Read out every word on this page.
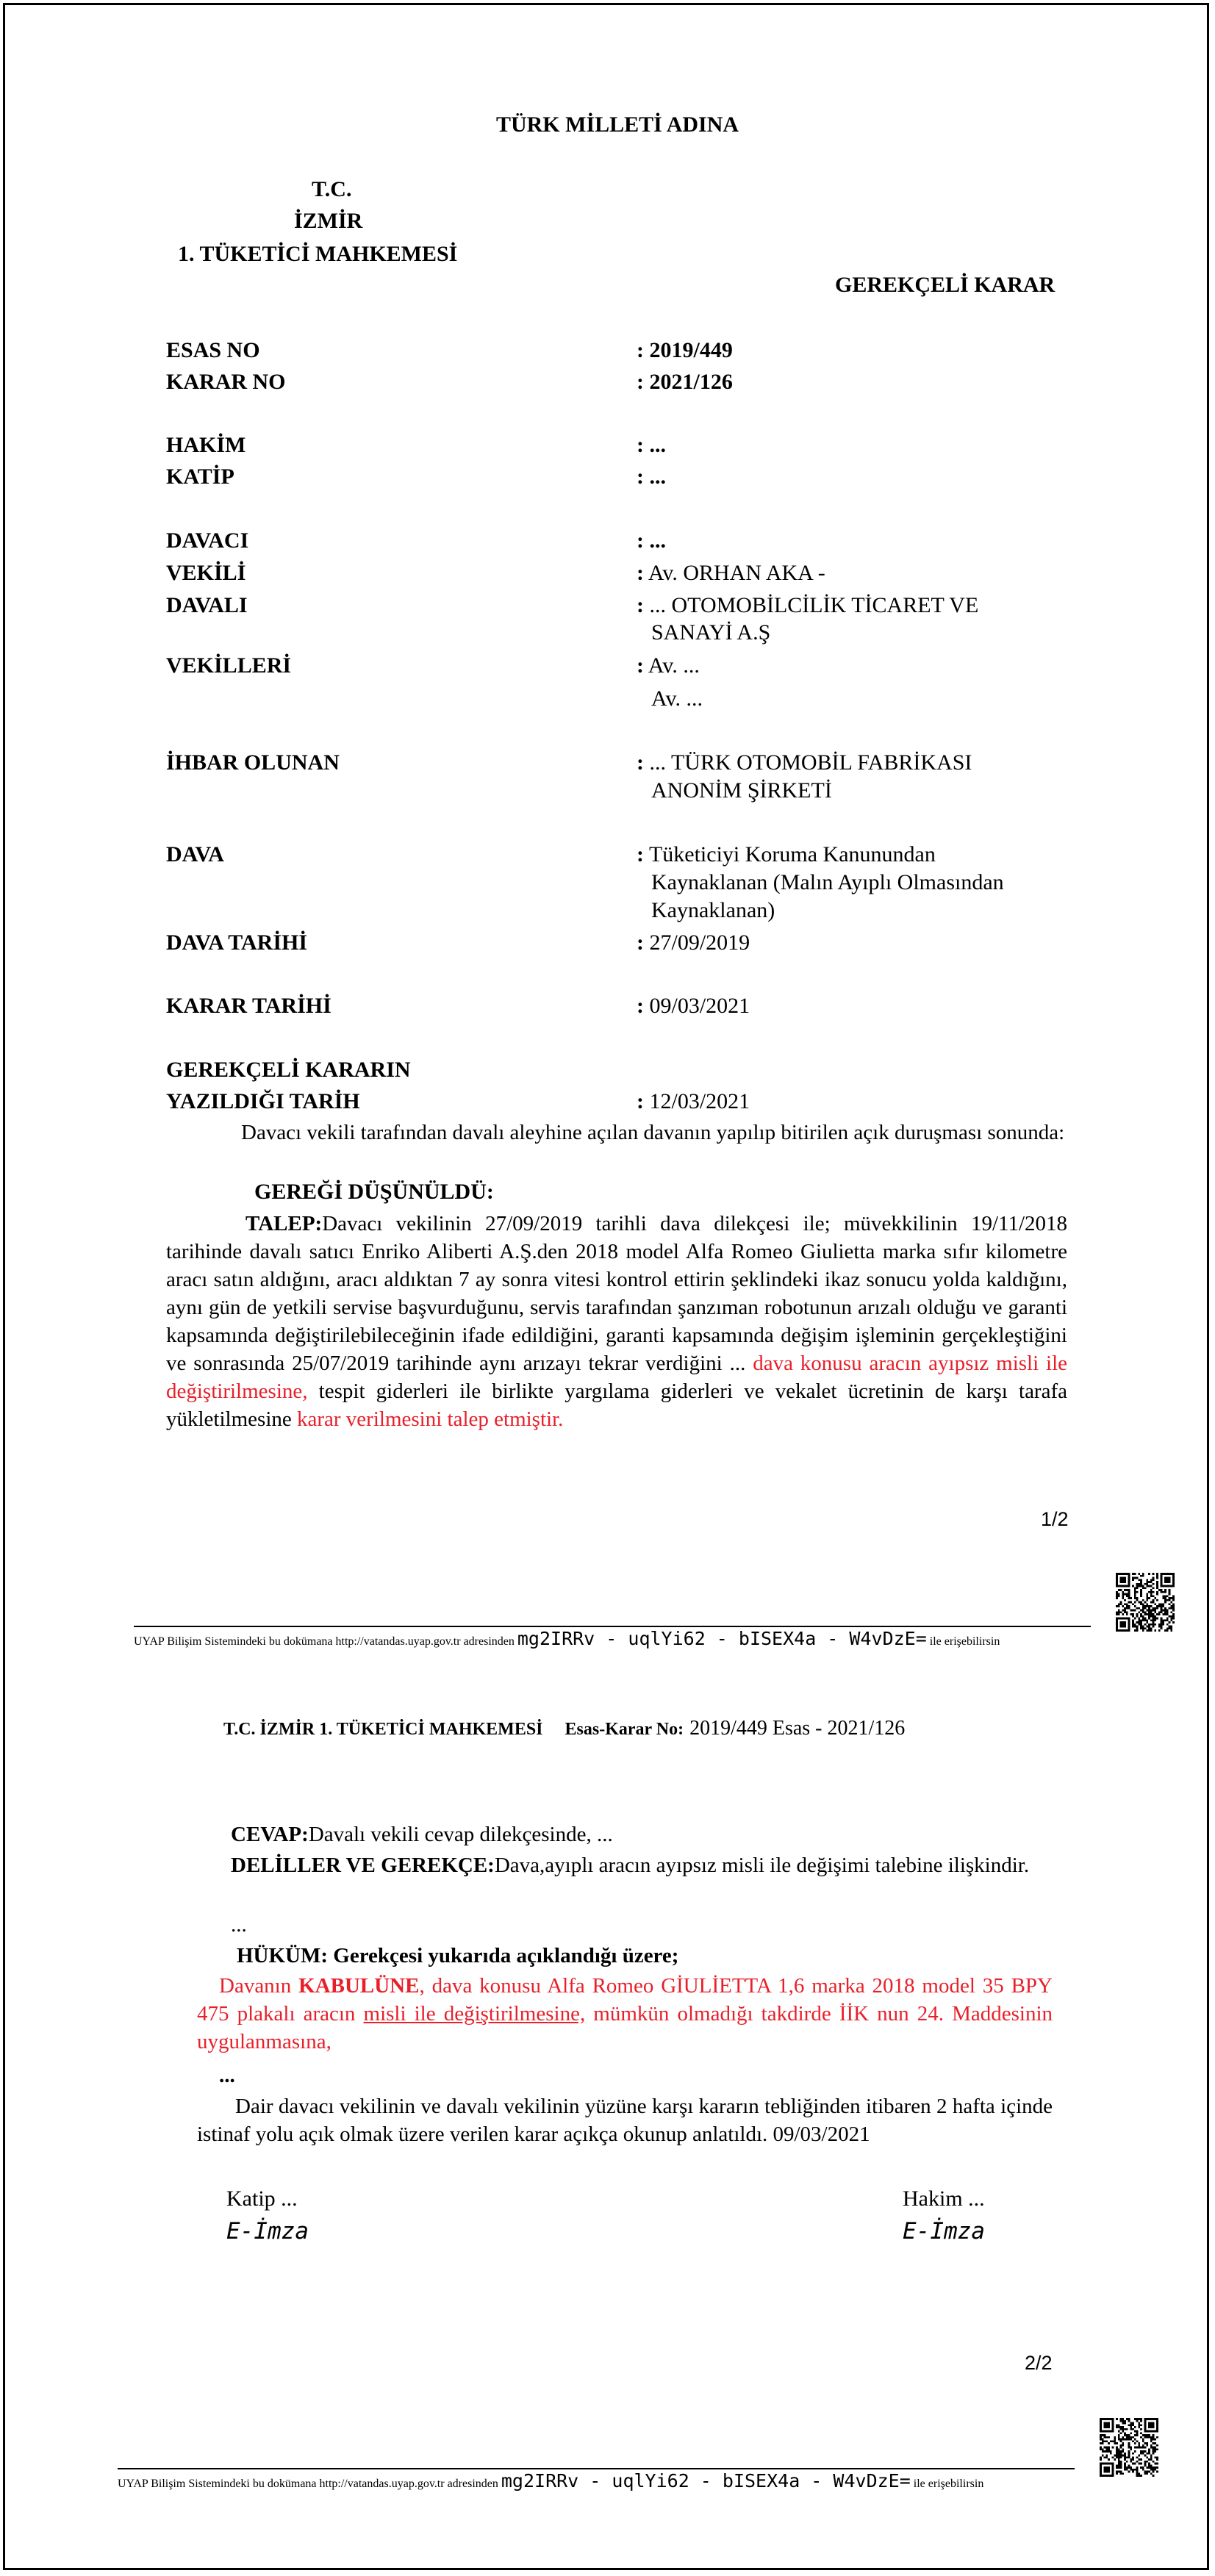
TÜRK MİLLETİ ADINA
T.C.
İZMİR
1. TÜKETİCİ MAHKEMESİ
GEREKÇELİ KARAR
ESAS NO	: 2019/449
KARAR NO	: 2021/126
HAKİM	: ...
KATİP	: ...
DAVACI	: ...
VEKİLİ	: Av. ORHAN AKA -
DAVALI	: ... OTOMOBİLCİLİK TİCARET VE
SANAYİ A.Ş
VEKİLLERİ	: Av. ...
Av. ...
İHBAR OLUNAN	: ... TÜRK OTOMOBİL FABRİKASI
ANONİM ŞİRKETİ
DAVA	: Tüketiciyi Koruma Kanunundan
Kaynaklanan (Malın Ayıplı Olmasından
Kaynaklanan)
DAVA TARİHİ	: 27/09/2019
KARAR TARİHİ	: 09/03/2021
GEREKÇELİ KARARIN
YAZILDIĞI TARİH	: 12/03/2021
Davacı vekili tarafından davalı aleyhine açılan davanın yapılıp bitirilen açık duruşması sonunda:
GEREĞİ DÜŞÜNÜLDÜ:
TALEP:Davacı vekilinin 27/09/2019 tarihli dava dilekçesi ile; müvekkilinin 19/11/2018 tarihinde davalı satıcı Enriko Aliberti A.Ş.den 2018 model Alfa Romeo Giulietta marka sıfır kilometre aracı satın aldığını, aracı aldıktan 7 ay sonra vitesi kontrol ettirin şeklindeki ikaz sonucu yolda kaldığını, aynı gün de yetkili servise başvurduğunu, servis tarafından şanzıman robotunun arızalı olduğu ve garanti kapsamında değiştirilebileceğinin ifade edildiğini, garanti kapsamında değişim işleminin gerçekleştiğini ve sonrasında 25/07/2019 tarihinde aynı arızayı tekrar verdiğini ... dava konusu aracın ayıpsız misli ile değiştirilmesine, tespit giderleri ile birlikte yargılama giderleri ve vekalet ücretinin de karşı tarafa yükletilmesine karar verilmesini talep etmiştir.
1/2
UYAP Bilişim Sistemindeki bu dokümana http://vatandas.uyap.gov.tr adresinden mg2IRRv - uqlYi62 - bISEX4a - W4vDzE= ile erişebilirsin
T.C. İZMİR 1. TÜKETİCİ MAHKEMESİ Esas-Karar No: 2019/449 Esas - 2021/126
CEVAP:Davalı vekili cevap dilekçesinde, ...
DELİLLER VE GEREKÇE:Dava,ayıplı aracın ayıpsız misli ile değişimi talebine ilişkindir.
...
HÜKÜM: Gerekçesi yukarıda açıklandığı üzere;
Davanın KABULÜNE, dava konusu Alfa Romeo GİULİETTA 1,6 marka 2018 model 35 BPY 475 plakalı aracın misli ile değiştirilmesine, mümkün olmadığı takdirde İİK nun 24. Maddesinin uygulanmasına,
...
Dair davacı vekilinin ve davalı vekilinin yüzüne karşı kararın tebliğinden itibaren 2 hafta içinde istinaf yolu açık olmak üzere verilen karar açıkça okunup anlatıldı. 09/03/2021
Katip ...	Hakim ...
E-İmza	E-İmza
2/2
UYAP Bilişim Sistemindeki bu dokümana http://vatandas.uyap.gov.tr adresinden mg2IRRv - uqlYi62 - bISEX4a - W4vDzE= ile erişebilirsin
